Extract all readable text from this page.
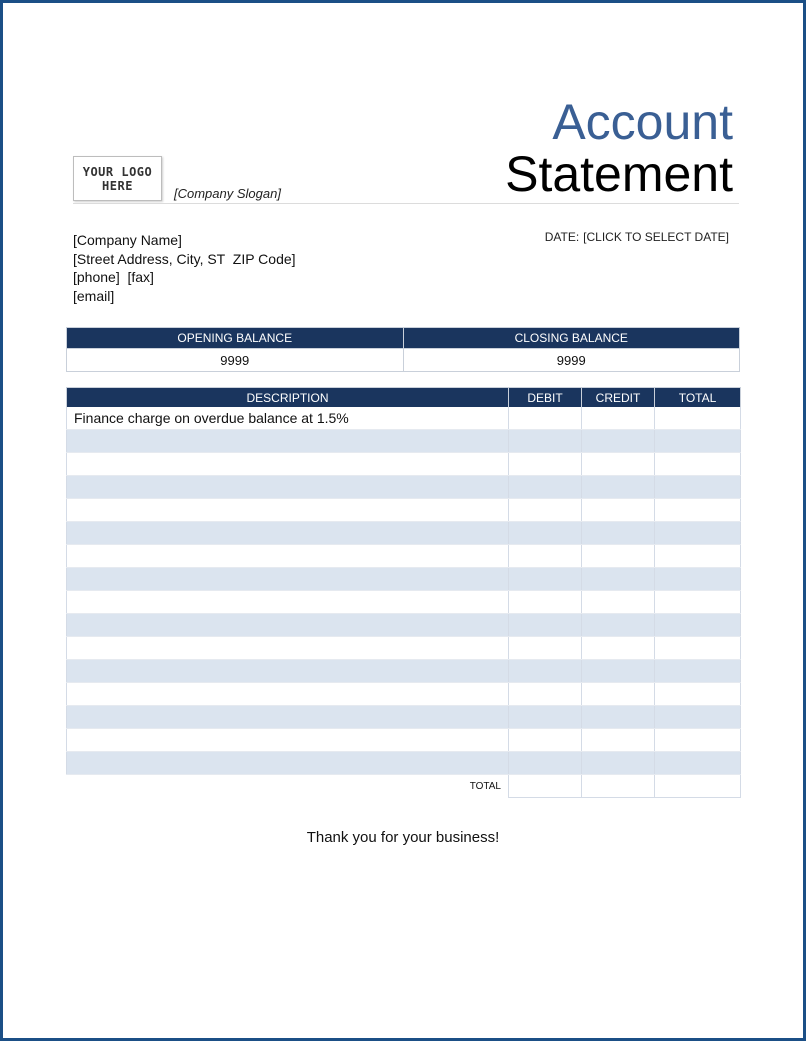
YOUR LOGO
HERE
[Company Slogan]
Account
Statement
DATE: [CLICK TO SELECT DATE]
[Company Name]
[Street Address, City, ST  ZIP Code]
[phone]  [fax]
[email]
OPENING BALANCE	CLOSING BALANCE
9999	9999
DESCRIPTION	DEBIT	CREDIT	TOTAL
Finance charge on overdue balance at 1.5%			

TOTAL			
Thank you for your business!
